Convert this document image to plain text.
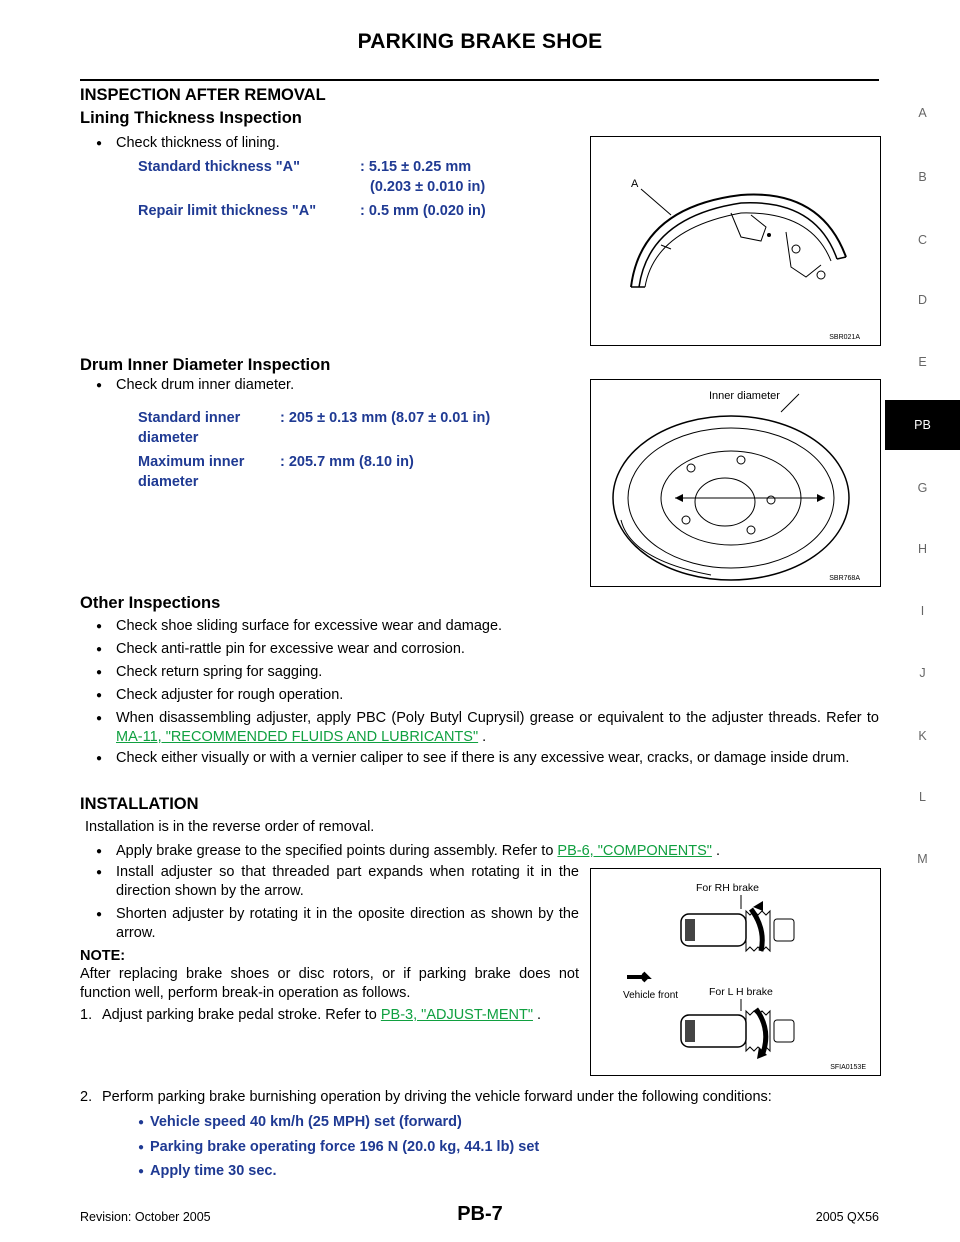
PARKING BRAKE SHOE
A
B
C
D
E
PB
G
H
I
J
K
L
M
INSPECTION AFTER REMOVAL
Lining Thickness Inspection
● Check thickness of lining.
Standard thickness "A"	: 5.15 ± 0.25 mm
(0.203 ± 0.010 in)
Repair limit thickness "A"	: 0.5 mm (0.020 in)
A
SBR021A
Drum Inner Diameter Inspection
● Check drum inner diameter.
Standard inner
diameter
: 205 ± 0.13 mm (8.07 ± 0.01 in)
Maximum inner
diameter
: 205.7 mm (8.10 in)
Inner diameter
SBR768A
Other Inspections
● Check shoe sliding surface for excessive wear and damage.
● Check anti-rattle pin for excessive wear and corrosion.
● Check return spring for sagging.
● Check adjuster for rough operation.
● When disassembling adjuster, apply PBC (Poly Butyl Cuprysil) grease or equivalent to the adjuster threads. Refer to MA-11, "RECOMMENDED FLUIDS AND LUBRICANTS" .
● Check either visually or with a vernier caliper to see if there is any excessive wear, cracks, or damage inside drum.
INSTALLATION
Installation is in the reverse order of removal.
● Apply brake grease to the specified points during assembly. Refer to PB-6, "COMPONENTS" .
● Install adjuster so that threaded part expands when rotating it in the direction shown by the arrow.
● Shorten adjuster by rotating it in the oposite direction as shown by the arrow.
NOTE:
After replacing brake shoes or disc rotors, or if parking brake does not function well, perform break-in operation as follows.
1. Adjust parking brake pedal stroke. Refer to PB-3, "ADJUST-MENT" .
For RH brake
Vehicle front	For L H brake
SFIA0153E
2. Perform parking brake burnishing operation by driving the vehicle forward under the following conditions:
● Vehicle speed 40 km/h (25 MPH) set (forward)
● Parking brake operating force 196 N (20.0 kg, 44.1 lb) set
● Apply time 30 sec.
Revision: October 2005	PB-7	2005 QX56
